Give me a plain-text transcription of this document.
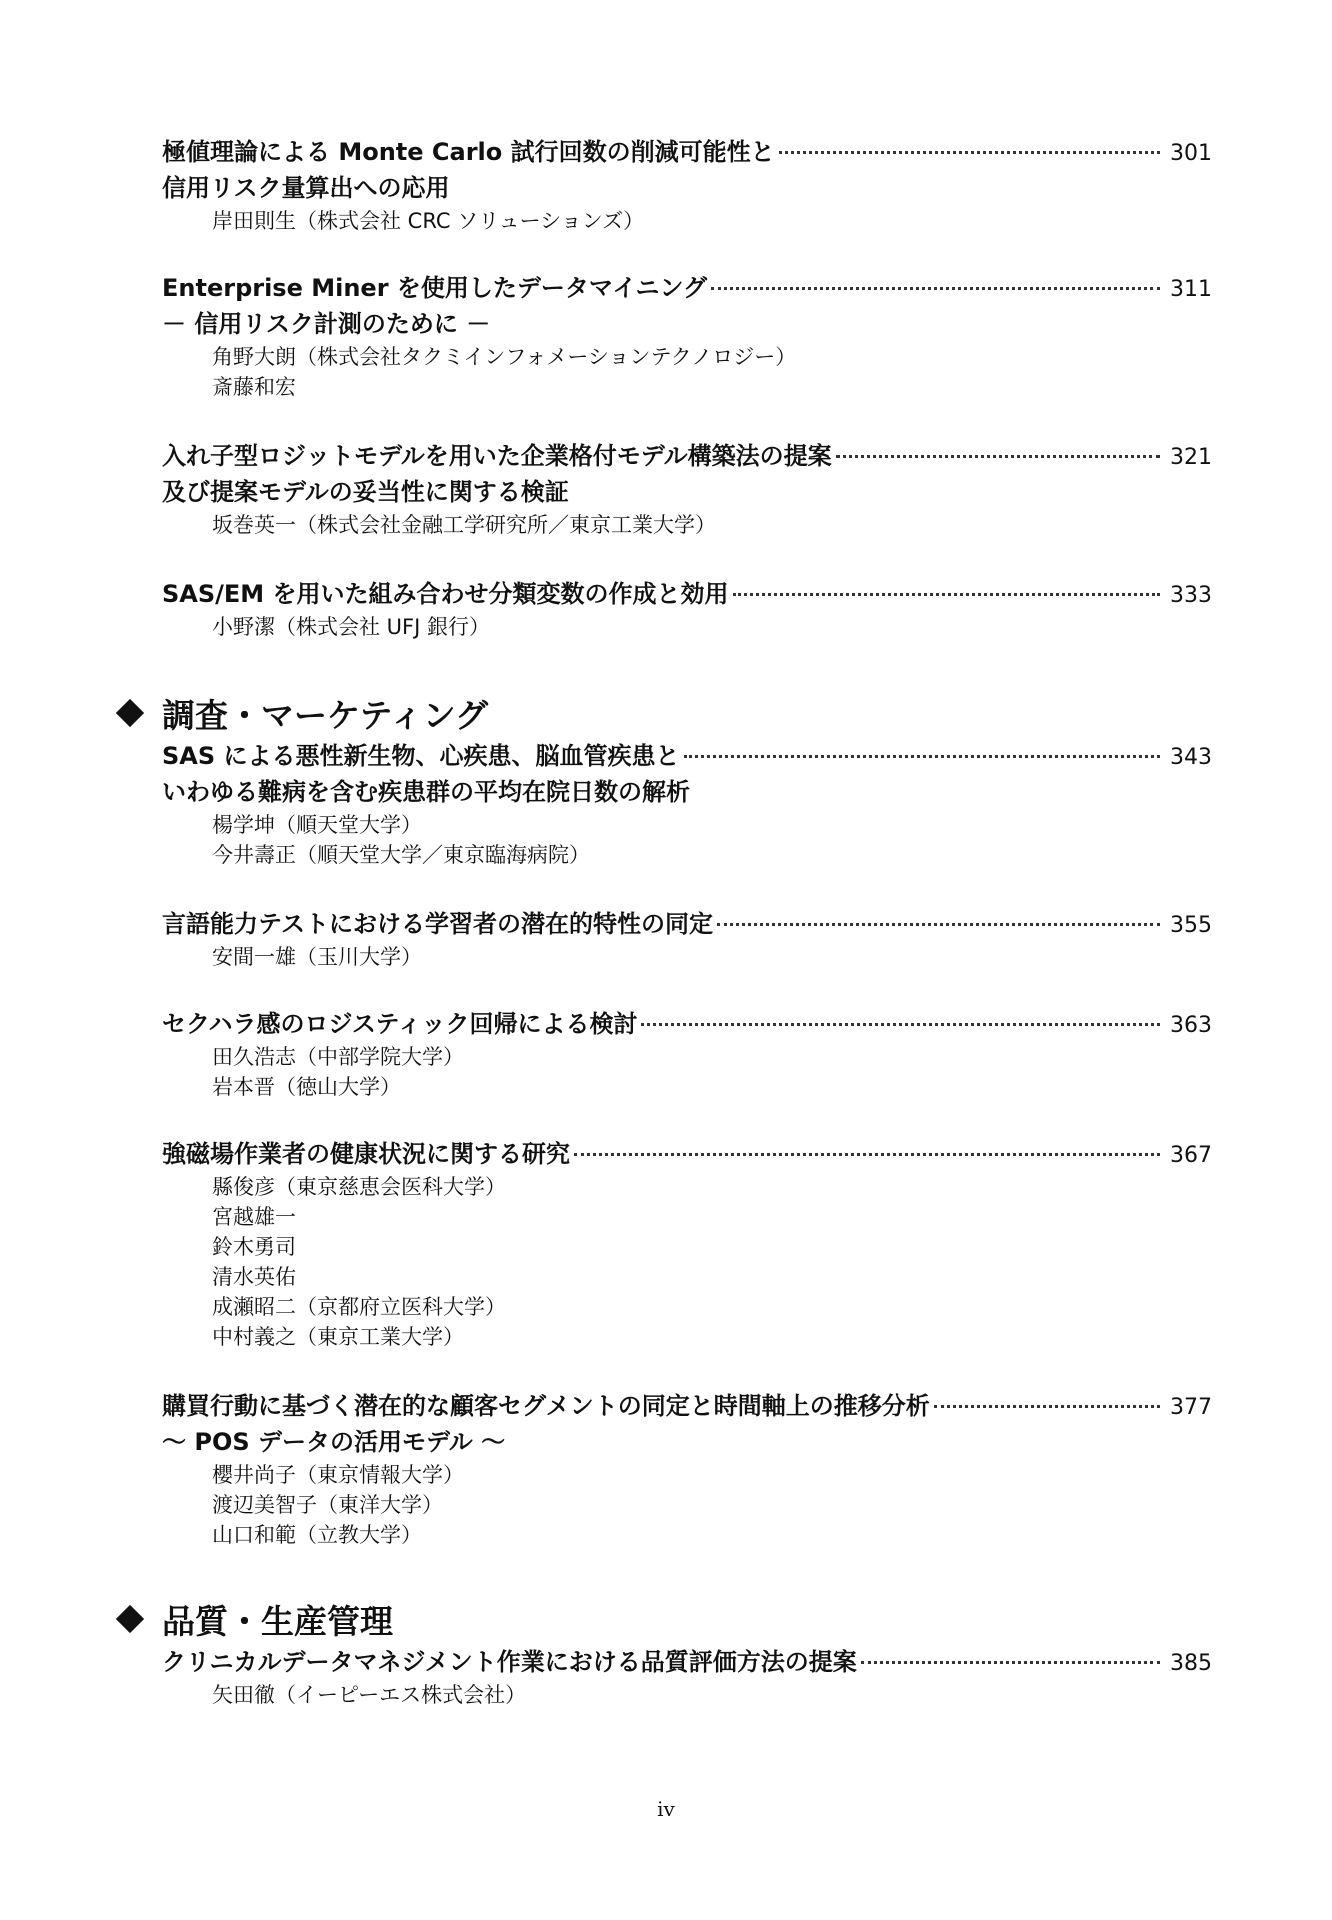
極値理論による Monte Carlo 試行回数の削減可能性と	301
信用リスク量算出への応用
岸田則生（株式会社 CRC ソリューションズ）
Enterprise Miner を使用したデータマイニング	311
－ 信用リスク計測のために －
角野大朗（株式会社タクミインフォメーションテクノロジー）
斎藤和宏
入れ子型ロジットモデルを用いた企業格付モデル構築法の提案	321
及び提案モデルの妥当性に関する検証
坂巻英一（株式会社金融工学研究所／東京工業大学）
SAS/EM を用いた組み合わせ分類変数の作成と効用	333
小野潔（株式会社 UFJ 銀行）
調査・マーケティング
SAS による悪性新生物、心疾患、脳血管疾患と	343
いわゆる難病を含む疾患群の平均在院日数の解析
楊学坤（順天堂大学）
今井壽正（順天堂大学／東京臨海病院）
言語能力テストにおける学習者の潜在的特性の同定	355
安間一雄（玉川大学）
セクハラ感のロジスティック回帰による検討	363
田久浩志（中部学院大学）
岩本晋（徳山大学）
強磁場作業者の健康状況に関する研究	367
縣俊彦（東京慈恵会医科大学）
宮越雄一
鈴木勇司
清水英佑
成瀬昭二（京都府立医科大学）
中村義之（東京工業大学）
購買行動に基づく潜在的な顧客セグメントの同定と時間軸上の推移分析	377
～ POS データの活用モデル ～
櫻井尚子（東京情報大学）
渡辺美智子（東洋大学）
山口和範（立教大学）
品質・生産管理
クリニカルデータマネジメント作業における品質評価方法の提案	385
矢田徹（イーピーエス株式会社）
iv
